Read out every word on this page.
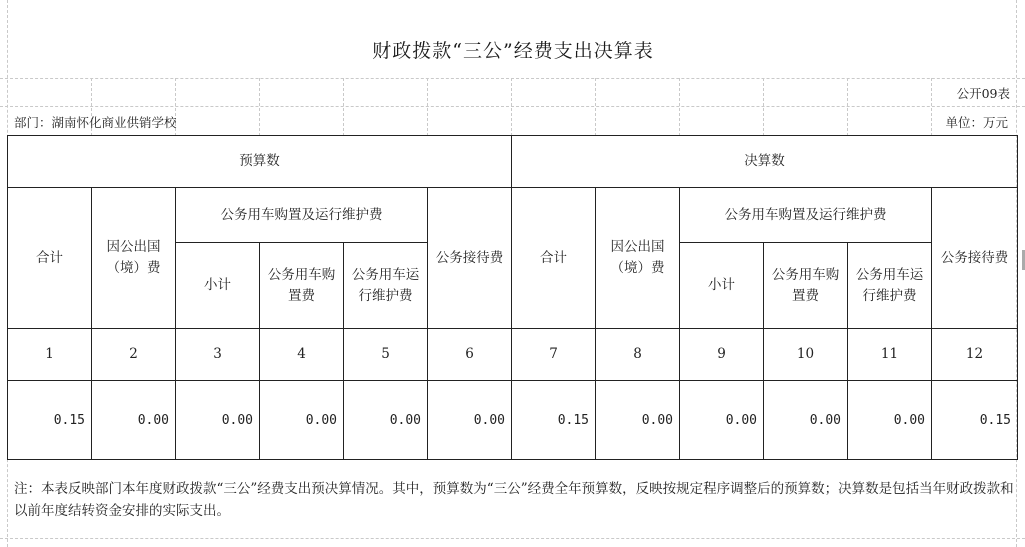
财政拨款“三公”经费支出决算表
公开09表
部门：湖南怀化商业供销学校	单位：万元
预算数						决算数					
合计	因公出国（境）费	公务用车购置及运行维护费			公务接待费	合计	因公出国（境）费	公务用车购置及运行维护费			公务接待费
		小计	公务用车购置费	公务用车运行维护费				小计	公务用车购置费	公务用车运行维护费	
1	2	3	4	5	6	7	8	9	10	11	12
0.15	0.00	0.00	0.00	0.00	0.00	0.15	0.00	0.00	0.00	0.00	0.15
注：本表反映部门本年度财政拨款“三公”经费支出预决算情况。其中，预算数为“三公”经费全年预算数，反映按规定程序调整后的预算数；决算数是包括当年财政拨款和以前年度结转资金安排的实际支出。
